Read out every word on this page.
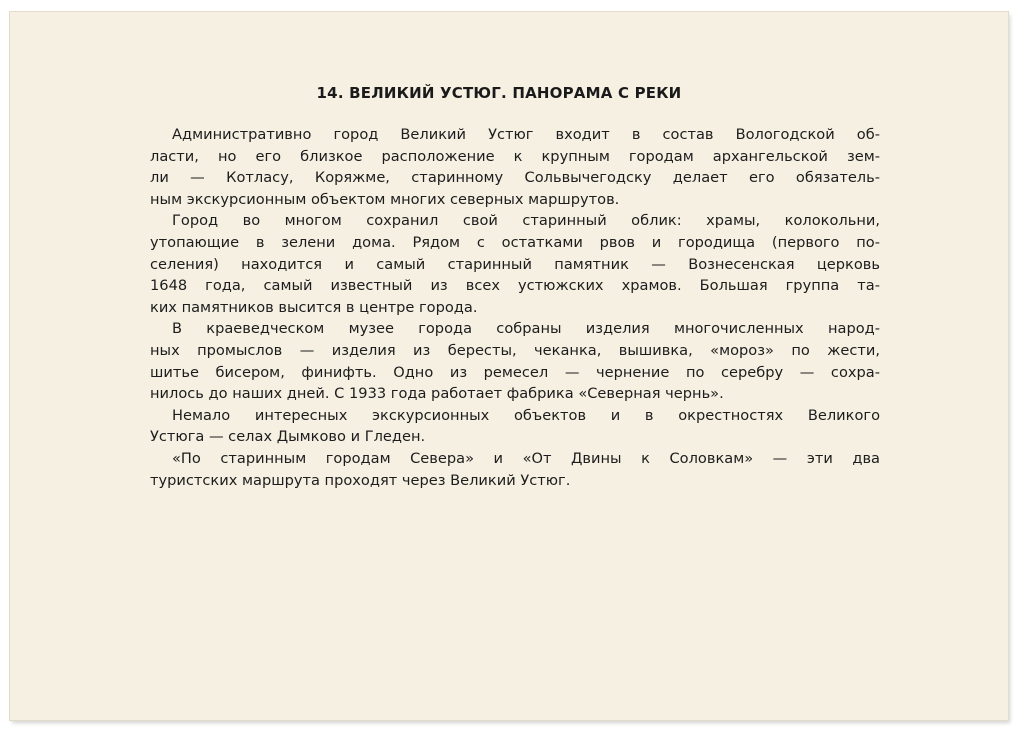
14. ВЕЛИКИЙ УСТЮГ. ПАНОРАМА С РЕКИ
Административно город Великий Устюг входит в состав Вологодской об-
ласти, но его близкое расположение к крупным городам архангельской зем-
ли — Котласу, Коряжме, старинному Сольвычегодску делает его обязатель-
ным экскурсионным объектом многих северных маршрутов.
Город во многом сохранил свой старинный облик: храмы, колокольни,
утопающие в зелени дома. Рядом с остатками рвов и городища (первого по-
селения) находится и самый старинный памятник — Вознесенская церковь
1648 года, самый известный из всех устюжских храмов. Большая группа та-
ких памятников высится в центре города.
В краеведческом музее города собраны изделия многочисленных народ-
ных промыслов — изделия из бересты, чеканка, вышивка, «мороз» по жести,
шитье бисером, финифть. Одно из ремесел — чернение по серебру — сохра-
нилось до наших дней. С 1933 года работает фабрика «Северная чернь».
Немало интересных экскурсионных объектов и в окрестностях Великого
Устюга — селах Дымково и Гледен.
«По старинным городам Севера» и «От Двины к Соловкам» — эти два
туристских маршрута проходят через Великий Устюг.
